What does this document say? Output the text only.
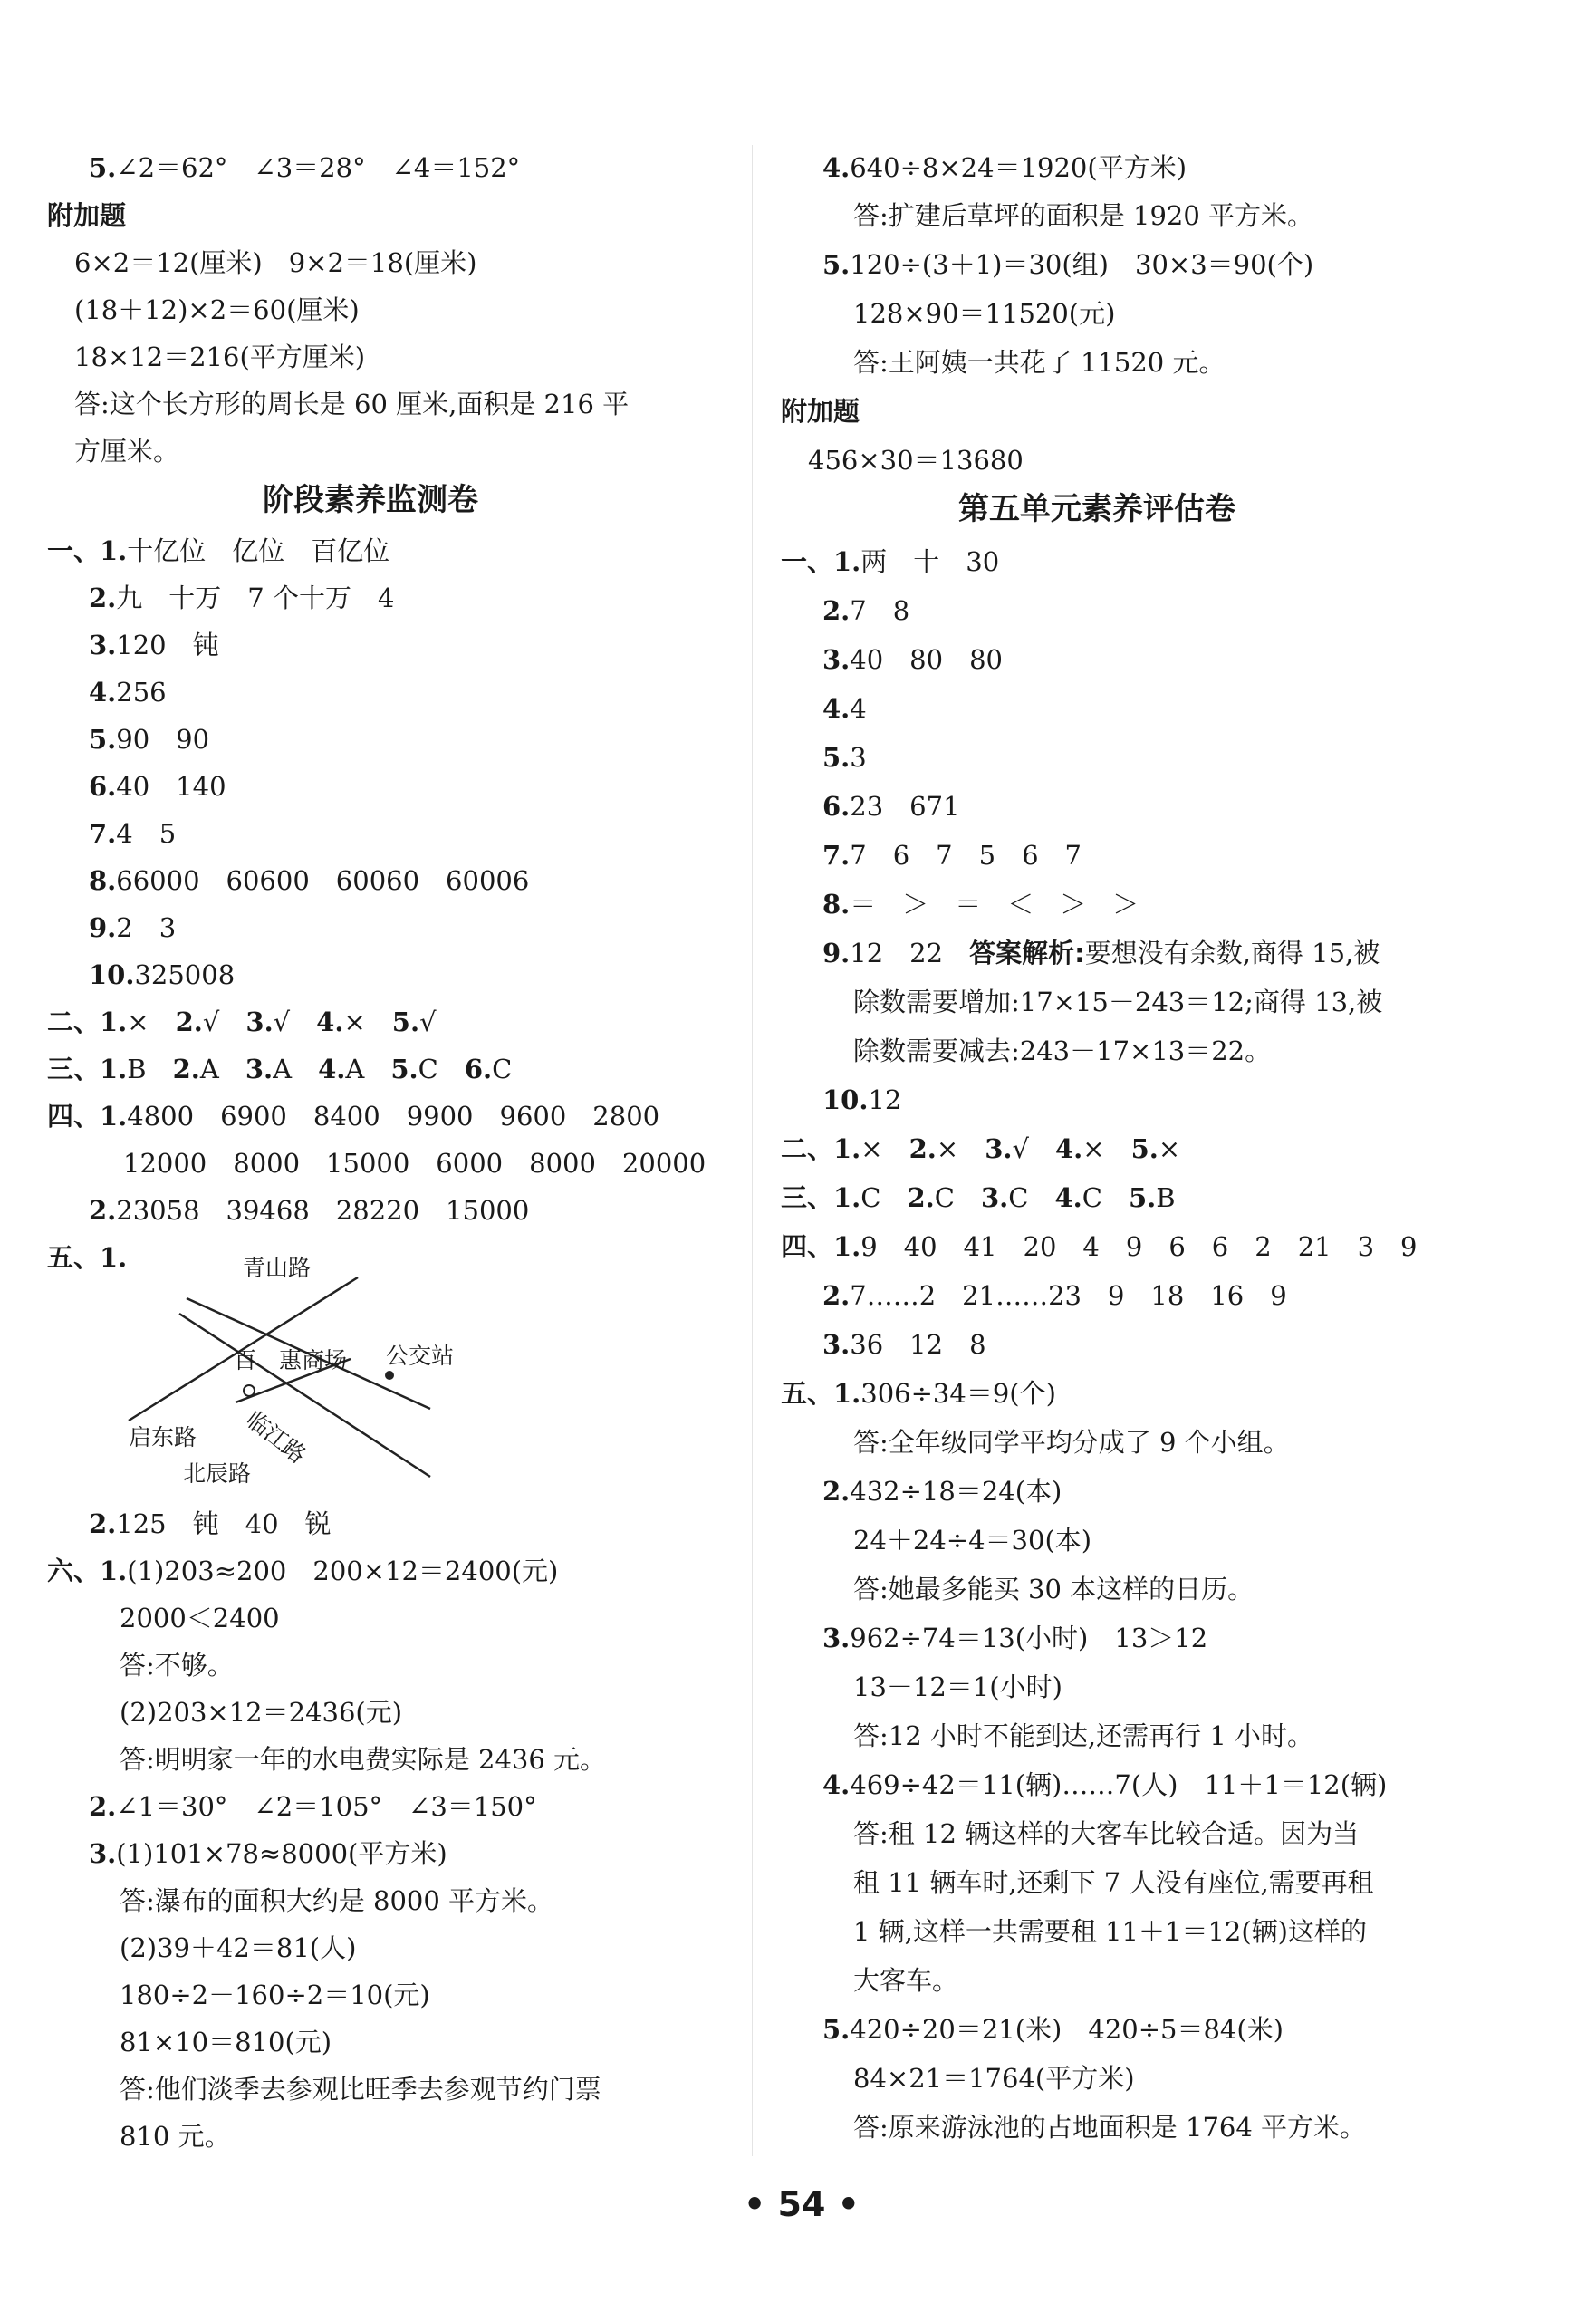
5.∠2＝62°　∠3＝28°　∠4＝152°
附加题
6×2＝12(厘米)　9×2＝18(厘米)
(18＋12)×2＝60(厘米)
18×12＝216(平方厘米)
答:这个长方形的周长是 60 厘米,面积是 216 平
方厘米。
阶段素养监测卷
一、1.十亿位　亿位　百亿位
2.九　十万　7 个十万　4
3.120　钝
4.256
5.90　90
6.40　140
7.4　5
8.66000　60600　60060　60006
9.2　3
10.325008
二、1.×　 2.√　 3.√　 4.×　 5.√
三、1.B　 2.A　 3.A　 4.A　 5.C　 6.C
四、1.4800　6900　8400　9900　9600　2800
12000　8000　15000　6000　8000　20000
2.23058　39468　28220　15000
五、1.	青山路
百　惠商场 公交站
启东路 临江路
北辰路
2.125　钝　40　锐
六、1.(1)203≈200　200×12＝2400(元)
2000＜2400
答:不够。
(2)203×12＝2436(元)
答:明明家一年的水电费实际是 2436 元。
2.∠1＝30°　∠2＝105°　∠3＝150°
3.(1)101×78≈8000(平方米)
答:瀑布的面积大约是 8000 平方米。
(2)39＋42＝81(人)
180÷2－160÷2＝10(元)
81×10＝810(元)
答:他们淡季去参观比旺季去参观节约门票
810 元。
4.640÷8×24＝1920(平方米)
答:扩建后草坪的面积是 1920 平方米。
5.120÷(3＋1)＝30(组)　30×3＝90(个)
128×90＝11520(元)
答:王阿姨一共花了 11520 元。
附加题
456×30＝13680
第五单元素养评估卷
一、1.两　十　30
2.7　8
3.40　80　80
4.4
5.3
6.23　671
7.7　6　7　5　6　7
8.＝　＞　＝　＜　＞　＞
9.12　22　答案解析:要想没有余数,商得 15,被
除数需要增加:17×15－243＝12;商得 13,被
除数需要减去:243－17×13＝22。
10.12
二、1.×　 2.×　 3.√　 4.×　 5.×
三、1.C　 2.C　 3.C　 4.C　 5.B
四、1.9　40　41　20　4　9　6　6　2　21　3　9
2.7……2　21……23　9　18　16　9
3.36　12　8
五、1.306÷34＝9(个)
答:全年级同学平均分成了 9 个小组。
2.432÷18＝24(本)
24＋24÷4＝30(本)
答:她最多能买 30 本这样的日历。
3.962÷74＝13(小时)　13＞12
13－12＝1(小时)
答:12 小时不能到达,还需再行 1 小时。
4.469÷42＝11(辆)……7(人)　11＋1＝12(辆)
答:租 12 辆这样的大客车比较合适。因为当
租 11 辆车时,还剩下 7 人没有座位,需要再租
1 辆,这样一共需要租 11＋1＝12(辆)这样的
大客车。
5.420÷20＝21(米)　420÷5＝84(米)
84×21＝1764(平方米)
答:原来游泳池的占地面积是 1764 平方米。
• 54 •
